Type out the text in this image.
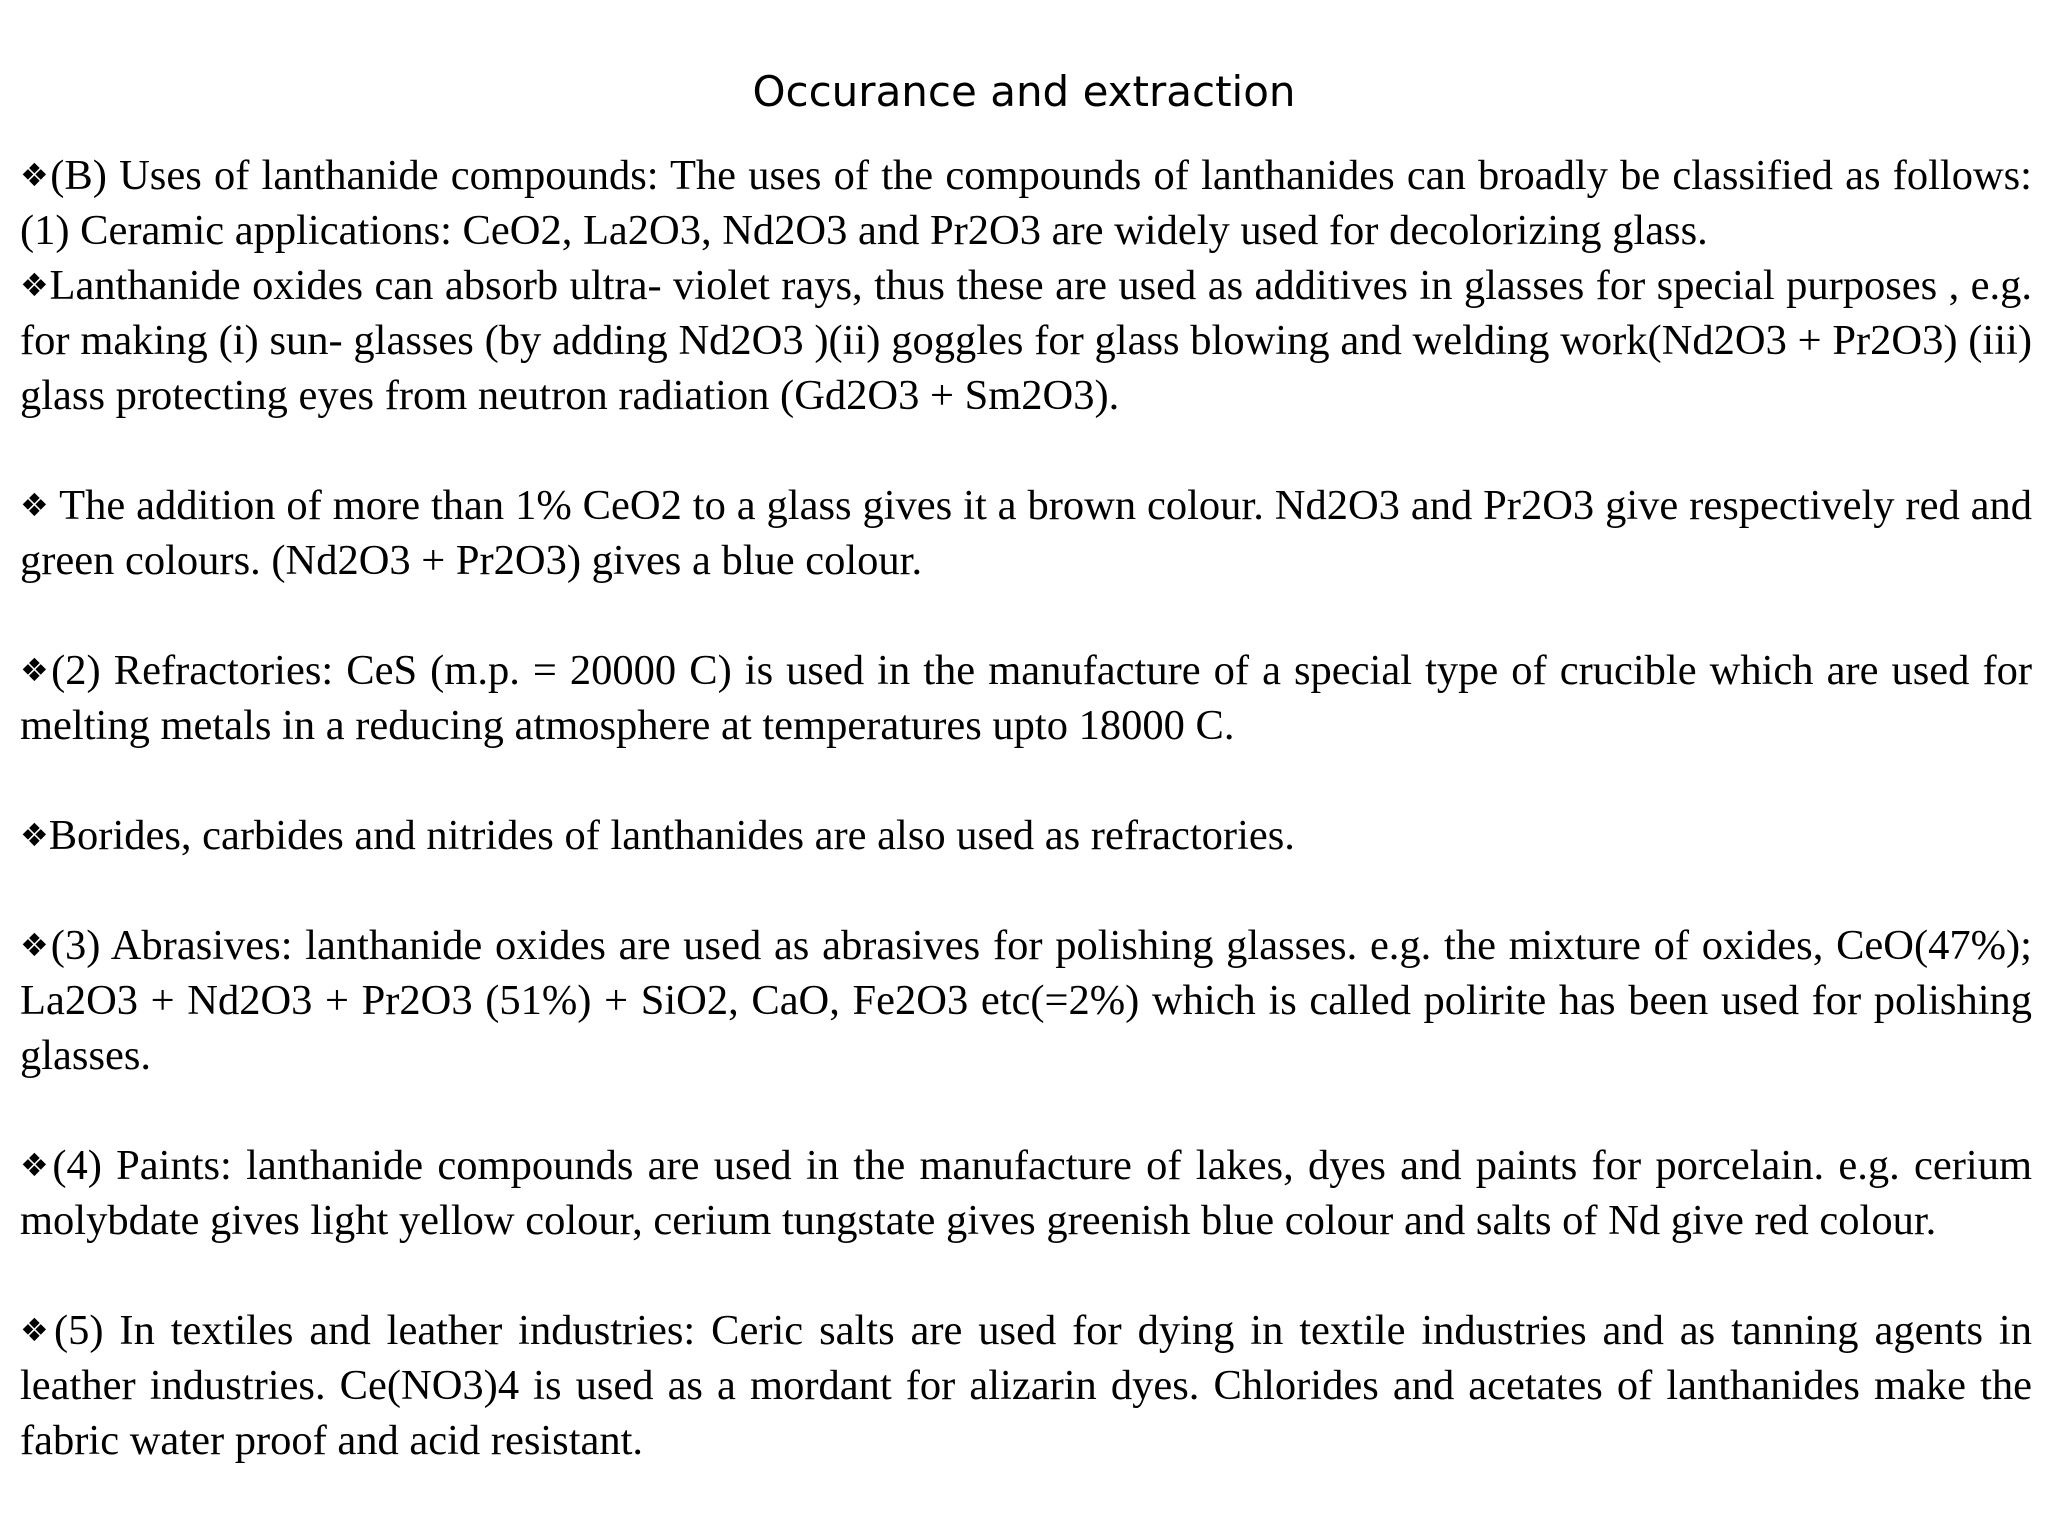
Occurance and extraction

❖(B) Uses of lanthanide compounds: The uses of the compounds of lanthanides can broadly be classified as follows: (1) Ceramic applications: CeO2, La2O3, Nd2O3 and Pr2O3 are widely used for decolorizing glass.

❖Lanthanide oxides can absorb ultra- violet rays, thus these are used as additives in glasses for special purposes , e.g. for making (i) sun- glasses (by adding Nd2O3 )(ii) goggles for glass blowing and welding work(Nd2O3 + Pr2O3) (iii) glass protecting eyes from neutron radiation (Gd2O3 + Sm2O3).

❖ The addition of more than 1% CeO2 to a glass gives it a brown colour. Nd2O3 and Pr2O3 give respectively red and green colours. (Nd2O3 + Pr2O3) gives a blue colour.

❖(2) Refractories: CeS (m.p. = 20000 C) is used in the manufacture of a special type of crucible which are used for melting metals in a reducing atmosphere at temperatures upto 18000 C.

❖Borides, carbides and nitrides of lanthanides are also used as refractories.

❖(3) Abrasives: lanthanide oxides are used as abrasives for polishing glasses. e.g. the mixture of oxides, CeO(47%); La2O3 + Nd2O3 + Pr2O3 (51%) + SiO2, CaO, Fe2O3 etc(=2%) which is called polirite has been used for polishing glasses.

❖(4) Paints: lanthanide compounds are used in the manufacture of lakes, dyes and paints for porcelain. e.g. cerium molybdate gives light yellow colour, cerium tungstate gives greenish blue colour and salts of Nd give red colour.

❖(5) In textiles and leather industries: Ceric salts are used for dying in textile industries and as tanning agents in leather industries. Ce(NO3)4 is used as a mordant for alizarin dyes. Chlorides and acetates of lanthanides make the fabric water proof and acid resistant.
